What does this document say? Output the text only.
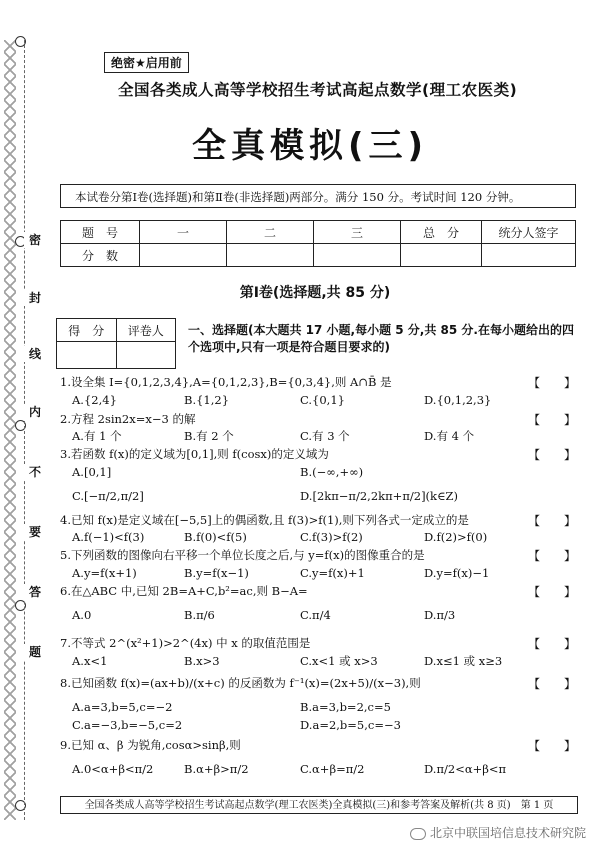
密
封
线
内
不
要
答
题
绝密★启用前
全国各类成人高等学校招生考试高起点数学(理工农医类)
全真模拟(三)
本试卷分第Ⅰ卷(选择题)和第Ⅱ卷(非选择题)两部分。满分 150 分。考试时间 120 分钟。
题　号	一	二	三	总　分	统分人签字
分　数					
第Ⅰ卷(选择题,共 85 分)
得　分	评卷人
	一、选择题(本大题共 17 小题,每小题 5 分,共 85 分.在每小题给出的四个选项中,只有一项是符合题目要求的)
1.设全集 I={0,1,2,3,4},A={0,1,2,3},B={0,3,4},则 A∩B̄ 是	【　　】
A.{2,4}	B.{1,2}	C.{0,1}	D.{0,1,2,3}
2.方程 2sin2x=x−3 的解	【　　】
A.有 1 个	B.有 2 个	C.有 3 个	D.有 4 个
3.若函数 f(x)的定义域为[0,1],则 f(cosx)的定义域为	【　　】
A.[0,1]	B.(−∞,+∞)
C.[−π/2,π/2]	D.[2kπ−π/2,2kπ+π/2](k∈Z)
4.已知 f(x)是定义域在[−5,5]上的偶函数,且 f(3)>f(1),则下列各式一定成立的是	【　　】
A.f(−1)<f(3)	B.f(0)<f(5)	C.f(3)>f(2)	D.f(2)>f(0)
5.下列函数的图像向右平移一个单位长度之后,与 y=f(x)的图像重合的是	【　　】
A.y=f(x+1)	B.y=f(x−1)	C.y=f(x)+1	D.y=f(x)−1
6.在△ABC 中,已知 2B=A+C,b²=ac,则 B−A=	【　　】
A.0	B.π/6	C.π/4	D.π/3
7.不等式 2^(x²+1)>2^(4x) 中 x 的取值范围是	【　　】
A.x<1	B.x>3	C.x<1 或 x>3	D.x≤1 或 x≥3
8.已知函数 f(x)=(ax+b)/(x+c) 的反函数为 f⁻¹(x)=(2x+5)/(x−3),则	【　　】
A.a=3,b=5,c=−2	B.a=3,b=2,c=5
C.a=−3,b=−5,c=2	D.a=2,b=5,c=−3
9.已知 α、β 为锐角,cosα>sinβ,则	【　　】
A.0<α+β<π/2	B.α+β>π/2	C.α+β=π/2	D.π/2<α+β<π
全国各类成人高等学校招生考试高起点数学(理工农医类)全真模拟(三)和参考答案及解析(共 8 页)　第 1 页
北京中联国培信息技术研究院
